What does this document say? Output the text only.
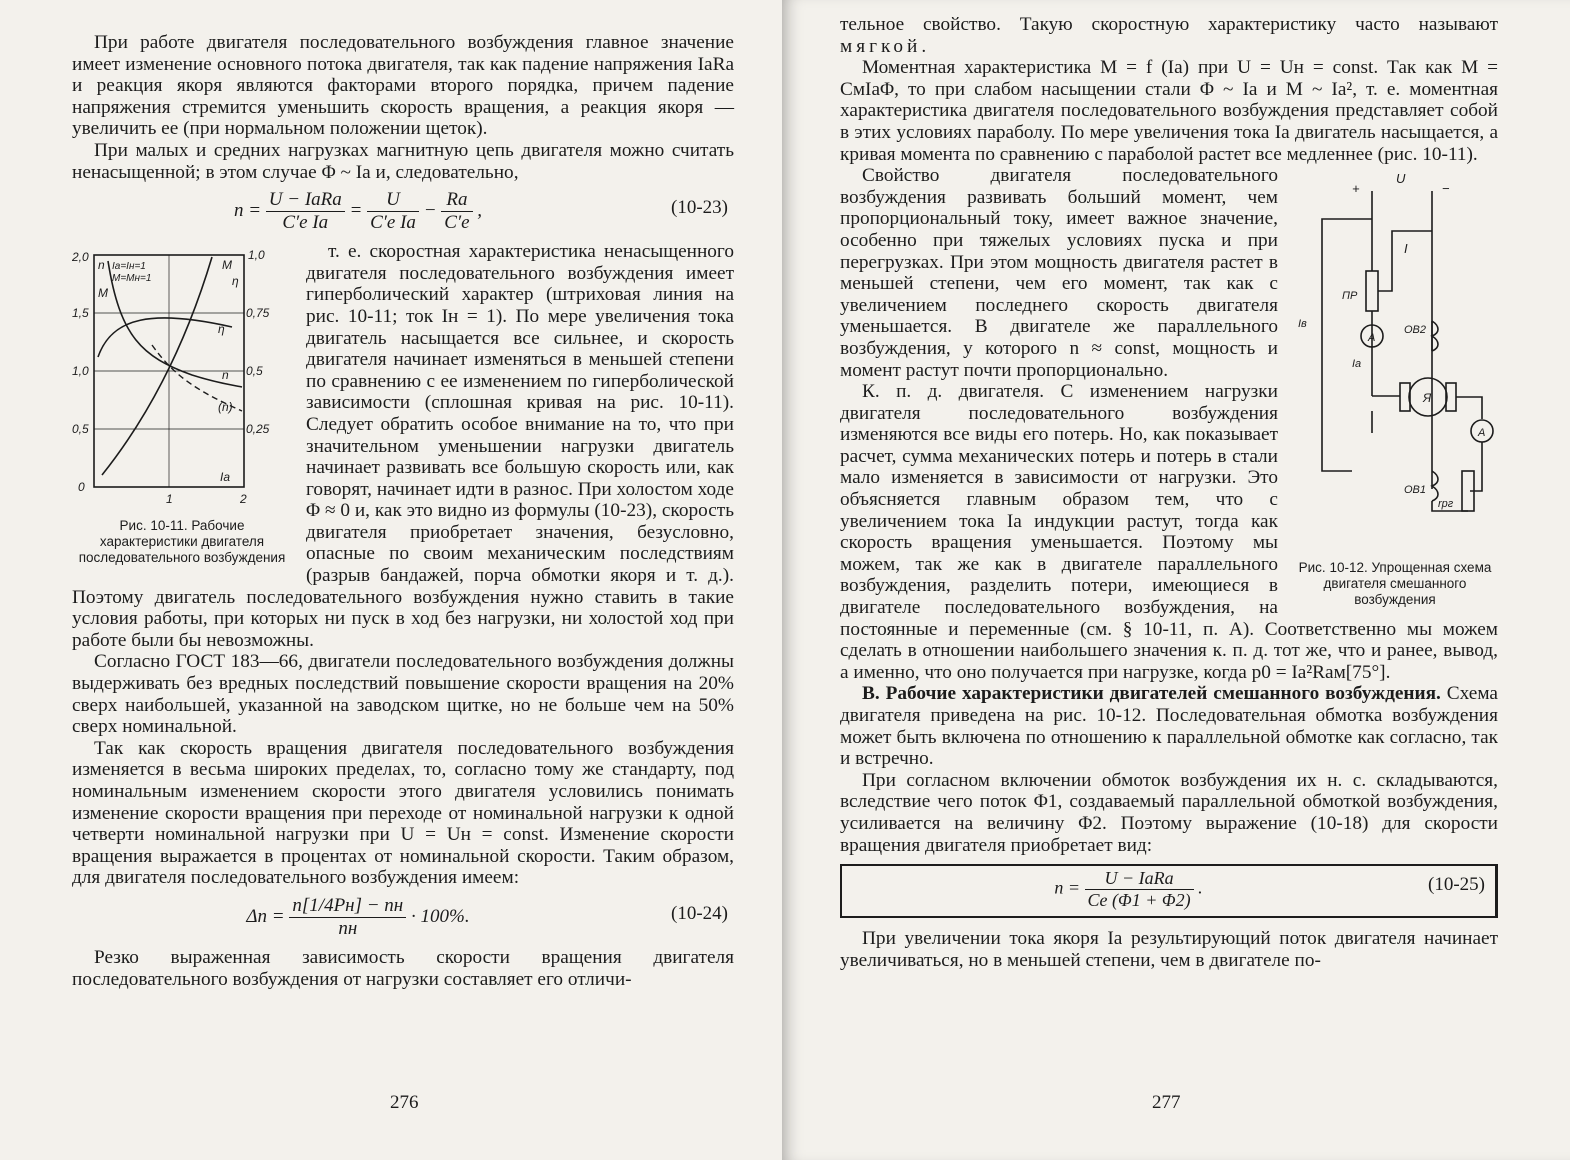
При работе двигателя последовательного возбуждения главное значение имеет изменение основного потока двигателя, так как падение напряжения IaRa и реакция якоря являются факторами второго порядка, причем падение напряжения стремится уменьшить скорость вращения, а реакция якоря — увеличить ее (при нормальном положении щеток).

При малых и средних нагрузках магнитную цепь двигателя можно считать ненасыщенной; в этом случае Φ ~ Ia и, следовательно,

$n = \frac{\text{U − IaRa}}{\text{C′e Ia}} = \frac{U}{\text{C′e Ia}} - \frac{Ra}{C'e}$ ,	(10-23)
2,0
1,5
1,0
0,5
0
1,0
0,75
0,5
0,25
1	2
n
M
Ia=Iн=1
M=Mн=1
M
η
η
n
(n)
Ia
Рис. 10-11. Рабочие характеристики двигателя последовательного возбуждения

т. е. скоростная характеристика ненасыщенного двигателя последовательного возбуждения имеет гиперболический характер (штриховая линия на рис. 10-11; ток Iн = 1). По мере увеличения тока двигатель насыщается все сильнее, и скорость двигателя начинает изменяться в меньшей степени по сравнению с ее изменением по гиперболической зависимости (сплошная кривая на рис. 10-11). Следует обратить особое внимание на то, что при значительном уменьшении нагрузки двигатель начинает развивать все большую скорость или, как говорят, начинает идти в разнос. При холостом ходе Φ ≈ 0 и, как это видно из формулы (10-23), скорость двигателя приобретает значения, безусловно, опасные по своим механическим последствиям (разрыв бандажей, порча обмотки якоря и т. д.). Поэтому двигатель последовательного возбуждения нужно ставить в такие условия работы, при которых ни пуск в ход без нагрузки, ни холостой ход при работе были бы невозможны.

Согласно ГОСТ 183—66, двигатели последовательного возбуждения должны выдерживать без вредных последствий повышение скорости вращения на 20% сверх наибольшей, указанной на заводском щитке, но не больше чем на 50% сверх номинальной.

Так как скорость вращения двигателя последовательного возбуждения изменяется в весьма широких пределах, то, согласно тому же стандарту, под номинальным изменением скорости этого двигателя условились понимать изменение скорости вращения при переходе от номинальной нагрузки к одной четверти номинальной нагрузки при U = Uн = const. Изменение скорости вращения выражается в процентах от номинальной скорости. Таким образом, для двигателя последовательного возбуждения имеем:

$\Delta n = \frac{n[1/4Pн] - nн}{nн} \cdot 100\%$.	(10-24)

Резко выраженная зависимость скорости вращения двигателя последовательного возбуждения от нагрузки составляет его отличи-

276

тельное свойство. Такую скоростную характеристику часто называют мягкой.

Моментная характеристика M = f (Ia) при U = Uн = const. Так как M = CмIaΦ, то при слабом насыщении стали Φ ~ Ia и M ~ Ia², т. е. моментная характеристика двигателя последовательного возбуждения представляет собой в этих условиях параболу. По мере увеличения тока Ia двигатель насыщается, а кривая момента по сравнению с параболой растет все медленнее (рис. 10-11).

+
U
−
I
ПР
A
A
Iв
Ia
ОВ2
ОВ1
Я
rрг
Рис. 10-12. Упрощенная схема двигателя смешанного возбуждения

Свойство двигателя последовательного возбуждения развивать больший момент, чем пропорциональный току, имеет важное значение, особенно при тяжелых условиях пуска и при перегрузках. При этом мощность двигателя растет в меньшей степени, чем его момент, так как с увеличением последнего скорость двигателя уменьшается. В двигателе же параллельного возбуждения, у которого n ≈ const, мощность и момент растут почти пропорционально.

К. п. д. двигателя. С изменением нагрузки двигателя последовательного возбуждения изменяются все виды его потерь. Но, как показывает расчет, сумма механических потерь и потерь в стали мало изменяется в зависимости от нагрузки. Это объясняется главным образом тем, что с увеличением тока Ia индукции растут, тогда как скорость вращения уменьшается. Поэтому мы можем, так же как в двигателе параллельного возбуждения, разделить потери, имеющиеся в двигателе последовательного возбуждения, на постоянные и переменные (см. § 10-11, п. А). Соответственно мы можем сделать в отношении наибольшего значения к. п. д. тот же, что и ранее, вывод, а именно, что оно получается при нагрузке, когда p0 = Ia²Rам[75°].

В. Рабочие характеристики двигателей смешанного возбуждения. Схема двигателя приведена на рис. 10-12. Последовательная обмотка возбуждения может быть включена по отношению к параллельной обмотке как согласно, так и встречно.

При согласном включении обмоток возбуждения их н. с. складываются, вследствие чего поток Φ1, создаваемый параллельной обмоткой возбуждения, усиливается на величину Φ2. Поэтому выражение (10-18) для скорости вращения двигателя приобретает вид:

$n = \frac{\text{U − IaRa}}{Ce (\Phi 1 + \Phi 2)}$ .	(10-25)

При увеличении тока якоря Ia результирующий поток двигателя начинает увеличиваться, но в меньшей степени, чем в двигателе по-

277
